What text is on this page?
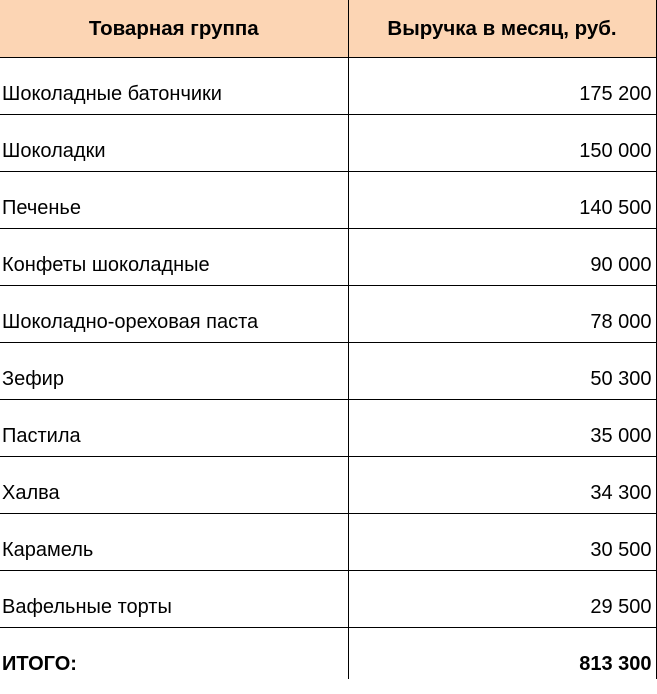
Товарная группа	Выручка в месяц, руб.
Шоколадные батончики	175 200
Шоколадки	150 000
Печенье	140 500
Конфеты шоколадные	90 000
Шоколадно-ореховая паста	78 000
Зефир	50 300
Пастила	35 000
Халва	34 300
Карамель	30 500
Вафельные торты	29 500
ИТОГО:	813 300
